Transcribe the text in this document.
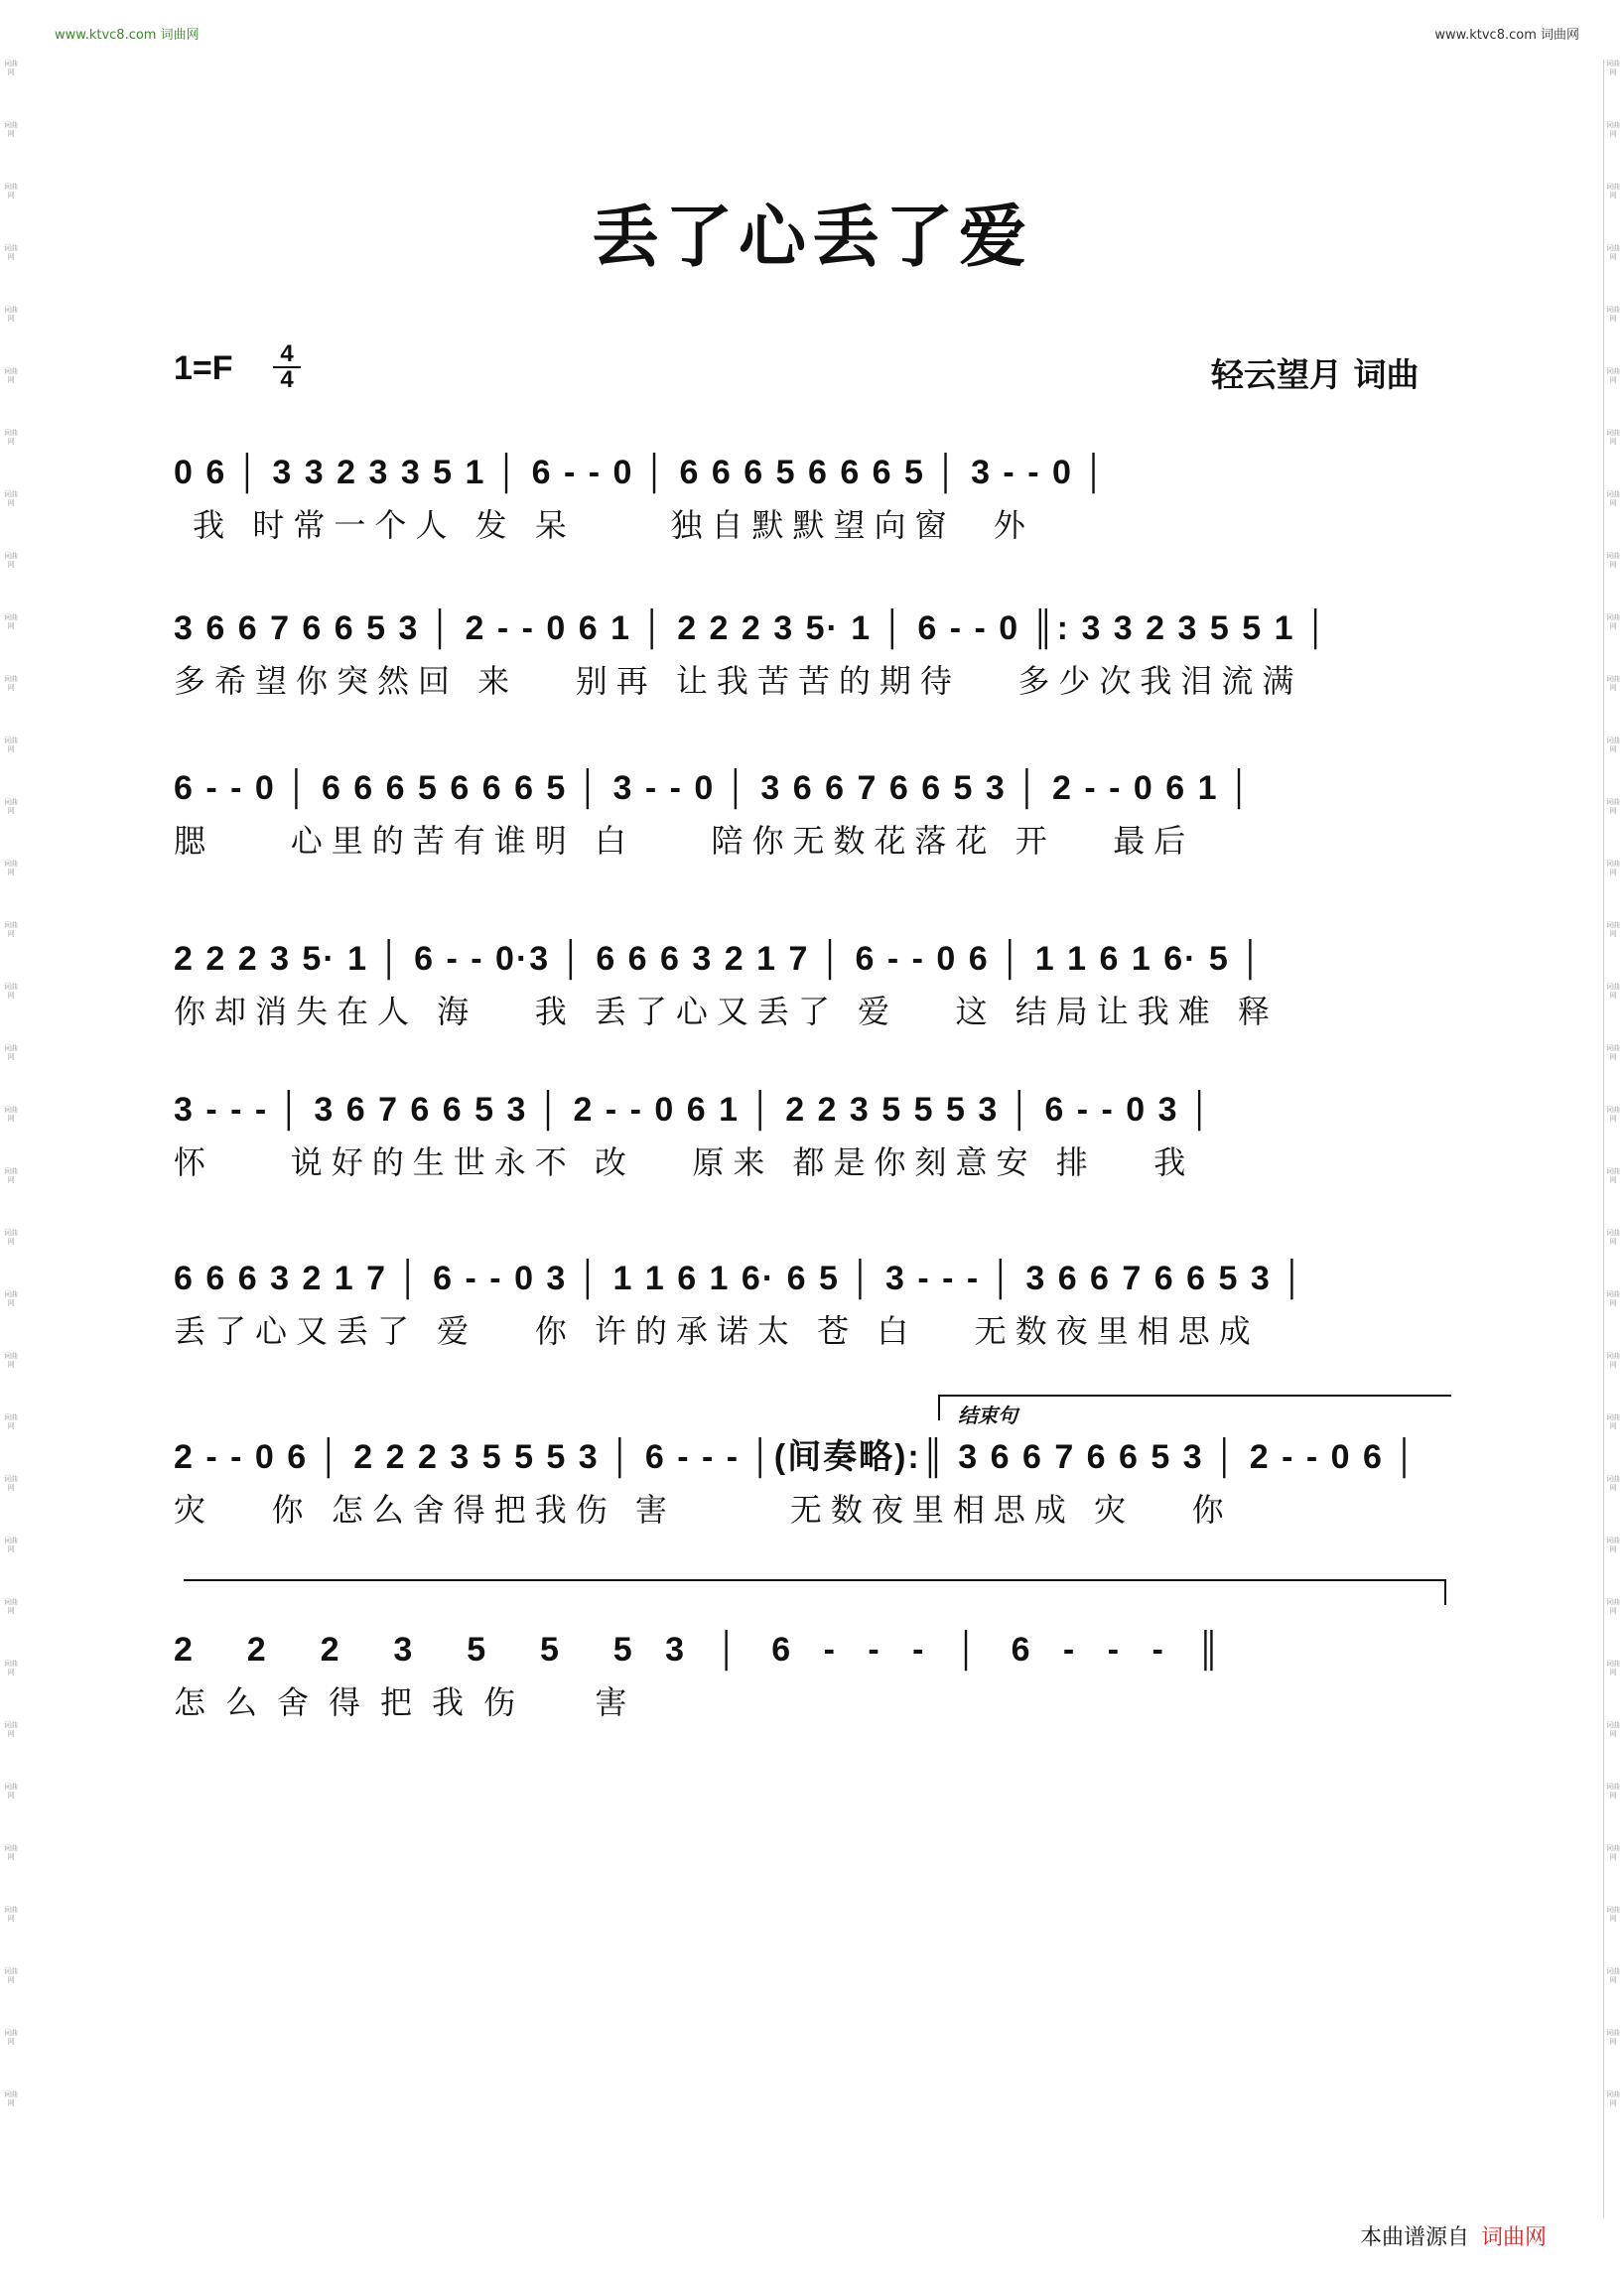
词曲网
词曲网
词曲网
词曲网
词曲网
词曲网
词曲网
词曲网
词曲网
词曲网
词曲网
词曲网
词曲网
词曲网
词曲网
词曲网
词曲网
词曲网
词曲网
词曲网
词曲网
词曲网
词曲网
词曲网
词曲网
词曲网
词曲网
词曲网
词曲网
词曲网
词曲网
词曲网
词曲网
词曲网
词曲网
词曲网
词曲网
词曲网
词曲网
词曲网
词曲网
词曲网
词曲网
词曲网
词曲网
词曲网
词曲网
词曲网
词曲网
词曲网
词曲网
词曲网
词曲网
词曲网
词曲网
词曲网
词曲网
词曲网
词曲网
词曲网
词曲网
词曲网
词曲网
词曲网
词曲网
词曲网
词曲网
词曲网
www.ktvc8.com 词曲网	www.ktvc8.com 词曲网
丢了心丢了爱
1=F	4
4	轻云望月 词曲
0 6 │ 3 3 2 3 3 5 1 │ 6 - - 0 │ 6 6 6 5 6 6 6 5 │ 3 - - 0 │
我 时常一个人 发 呆     独自默默望向窗  外
3 6 6 7 6 6 5 3 │ 2 - - 0 6 1 │ 2 2 2 3 5· 1 │ 6 - - 0 ║: 3 3 2 3 5 5 1 │
多希望你突然回 来   别再 让我苦苦的期待   多少次我泪流满
6 - - 0 │ 6 6 6 5 6 6 6 5 │ 3 - - 0 │ 3 6 6 7 6 6 5 3 │ 2 - - 0 6 1 │
腮    心里的苦有谁明 白    陪你无数花落花 开   最后
2 2 2 3 5· 1 │ 6 - - 0·3 │ 6 6 6 3 2 1 7 │ 6 - - 0 6 │ 1 1 6 1 6· 5 │
你却消失在人 海   我 丢了心又丢了 爱   这 结局让我难 释
3 - - - │ 3 6 7 6 6 5 3 │ 2 - - 0 6 1 │ 2 2 3 5 5 5 3 │ 6 - - 0 3 │
怀    说好的生世永不 改   原来 都是你刻意安 排   我
6 6 6 3 2 1 7 │ 6 - - 0 3 │ 1 1 6 1 6· 6 5 │ 3 - - - │ 3 6 6 7 6 6 5 3 │
丢了心又丢了 爱   你 许的承诺太 苍 白   无数夜里相思成
结束句
2 - - 0 6 │ 2 2 2 3 5 5 5 3 │ 6 - - - │(间奏略):║ 3 6 6 7 6 6 5 3 │ 2 - - 0 6 │
灾   你 怎么舍得把我伤 害      无数夜里相思成 灾   你
2  2  2  3  5  5  5 3 │ 6 - - - │ 6 - - - ║
怎么舍得把我伤  害
本曲谱源自 词曲网
